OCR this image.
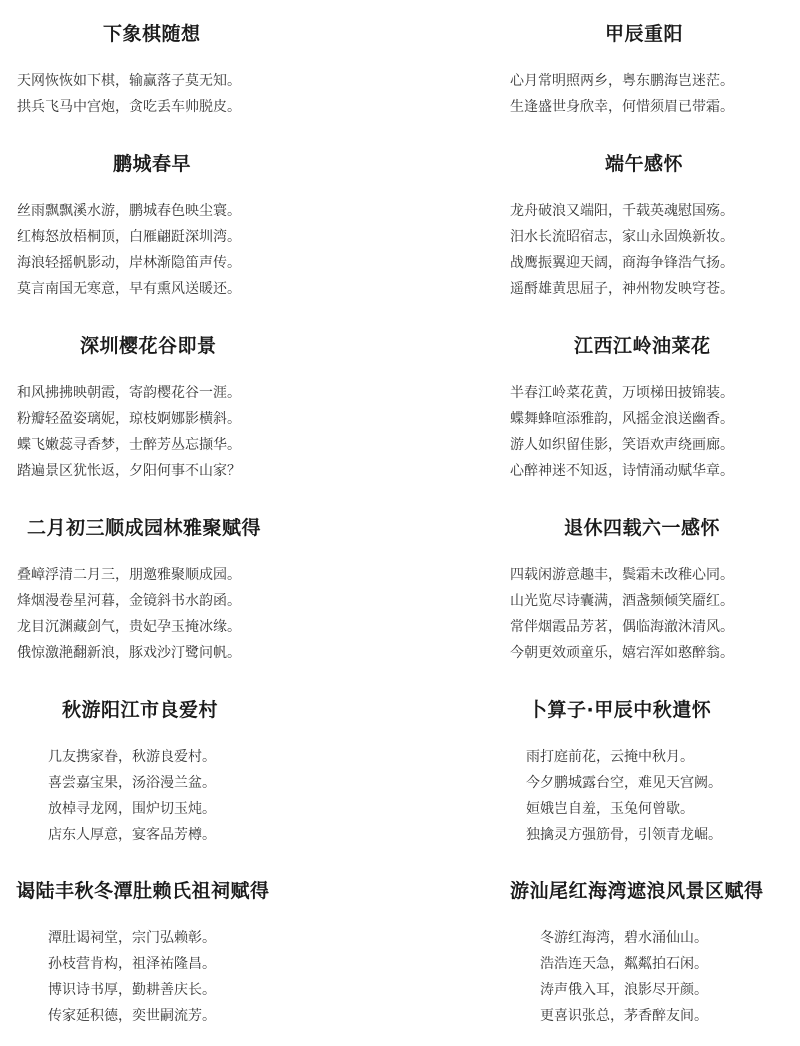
下象棋随想
天网恢恢如下棋，输赢落子莫无知。
拱兵飞马中宫炮，贪吃丢车帅脱皮。
鹏城春早
丝雨飘飘溪水游，鹏城春色映尘寰。
红梅怒放梧桐顶，白雁翩跹深圳湾。
海浪轻摇帆影动，岸林渐隐笛声传。
莫言南国无寒意，早有熏风送暖还。
深圳樱花谷即景
和风拂拂映朝霞，寄韵樱花谷一涯。
粉瓣轻盈姿璃妮，琼枝婀娜影横斜。
蝶飞嫩蕊寻香梦，士醉芳丛忘撷华。
踏遍景区犹怅返，夕阳何事不山家？
二月初三顺成园林雅聚赋得
叠嶂浮清二月三，朋邀雅聚顺成园。
烽烟漫卷星河暮，金镜斜书水韵函。
龙目沉渊藏剑气，贵妃孕玉掩冰缘。
俄惊激滟翻新浪，豚戏沙汀鹭问帆。
秋游阳江市良爱村
几友携家眷，秋游良爱村。
喜尝嘉宝果，汤浴漫兰盆。
放棹寻龙网，围炉切玉炖。
店东人厚意，宴客品芳樽。
谒陆丰秋冬潭肚赖氏祖祠赋得
潭肚谒祠堂，宗门弘赖彰。
孙枝营肯构，祖泽祐隆昌。
博识诗书厚，勤耕善庆长。
传家延积德，奕世嗣流芳。
甲辰重阳
心月常明照两乡，粤东鹏海岂迷茫。
生逢盛世身欣幸，何惜须眉已带霜。
端午感怀
龙舟破浪又端阳，千载英魂慰国殇。
汨水长流昭宿志，家山永固焕新妆。
战鹰振翼迎天阔，商海争锋浩气扬。
遥酹雄黄思屈子，神州物发映穹苍。
江西江岭油菜花
半春江岭菜花黄，万顷梯田披锦装。
蝶舞蜂喧添雅韵，风摇金浪送幽香。
游人如织留佳影，笑语欢声绕画廊。
心醉神迷不知返，诗情涌动赋华章。
退休四载六一感怀
四载闲游意趣丰，鬓霜未改稚心同。
山光览尽诗囊满，酒盏频倾笑靥红。
常伴烟霞品芳茗，偶临海澈沐清风。
今朝更效顽童乐，嬉宕浑如憨醉翁。
卜算子·甲辰中秋遣怀
雨打庭前花，云掩中秋月。
今夕鹏城露台空，难见天宫阙。
姮娥岂自羞，玉兔何曾歇。
独擒灵方强筋骨，引领青龙崛。
游汕尾红海湾遮浪风景区赋得
冬游红海湾，碧水涌仙山。
浩浩连天急，粼粼拍石闲。
涛声俄入耳，浪影尽开颜。
更喜识张总，茅香醉友间。
